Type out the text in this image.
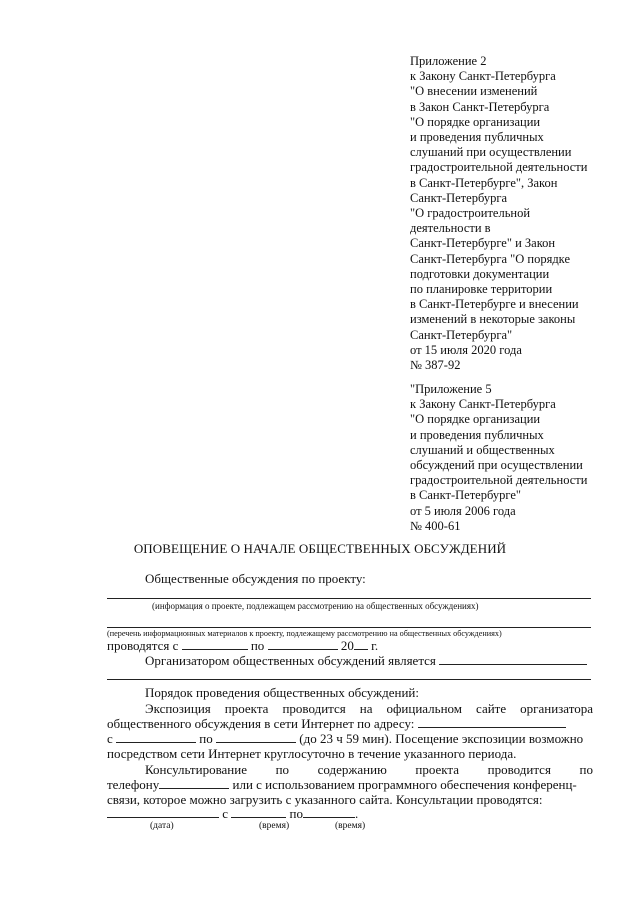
Приложение 2
к Закону Санкт-Петербурга
"О внесении изменений
в Закон Санкт-Петербурга
"О порядке организации
и проведения публичных
слушаний при осуществлении
градостроительной деятельности
в Санкт-Петербурге", Закон
Санкт-Петербурга
"О градостроительной
деятельности в
Санкт-Петербурге" и Закон
Санкт-Петербурга "О порядке
подготовки документации
по планировке территории
в Санкт-Петербурге и внесении
изменений в некоторые законы
Санкт-Петербурга"
от 15 июля 2020 года
№ 387-92
"Приложение 5
к Закону Санкт-Петербурга
"О порядке организации
и проведения публичных
слушаний и общественных
обсуждений при осуществлении
градостроительной деятельности
в Санкт-Петербурге"
от 5 июля 2006 года
№ 400-61
ОПОВЕЩЕНИЕ О НАЧАЛЕ ОБЩЕСТВЕННЫХ ОБСУЖДЕНИЙ
Общественные обсуждения по проекту:
(информация о проекте, подлежащем рассмотрению на общественных обсуждениях)
(перечень информационных материалов к проекту, подлежащему рассмотрению на общественных обсуждениях)
проводятся с	по	20 г.
Организатором общественных обсуждений является
Порядок проведения общественных обсуждений:
Экспозиция проекта проводится на официальном сайте организатора
общественного обсуждения в сети Интернет по адресу:
с	по	(до 23 ч 59 мин). Посещение экспозиции возможно
посредством сети Интернет круглосуточно в течение указанного периода.
Консультирование по содержанию проекта проводится по
телефону	или с использованием программного обеспечения конференц-
связи, которое можно загрузить с указанного сайта. Консультации проводятся:
с	по	.
(дата)	(время)	(время)
